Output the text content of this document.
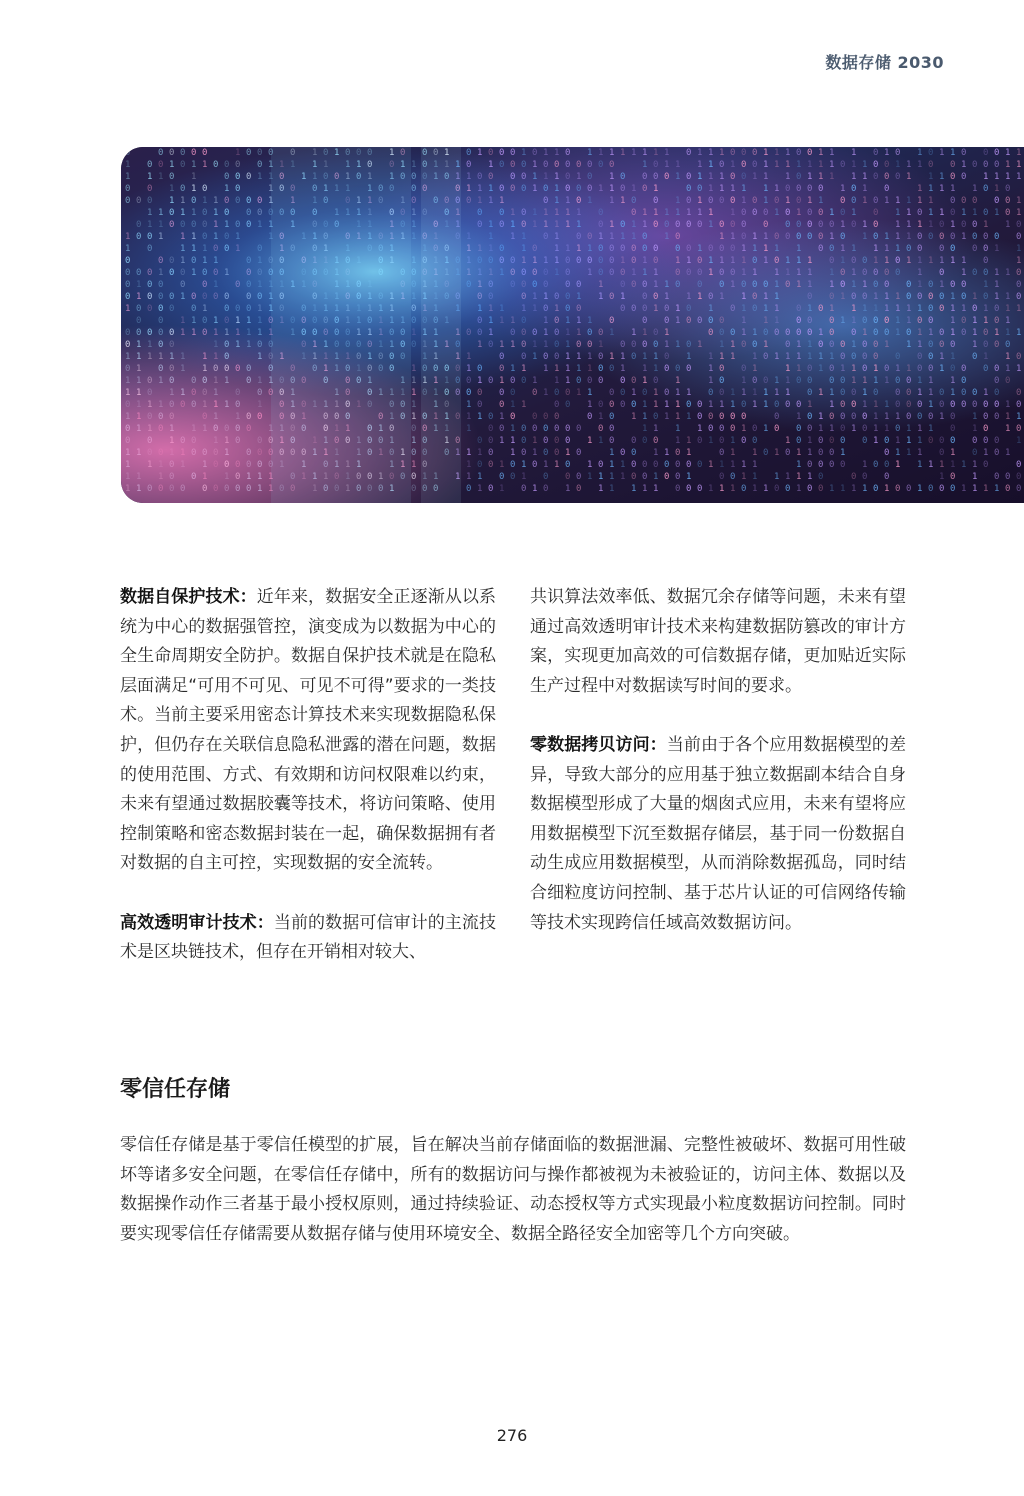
数据存储 2030

数据自保护技术：近年来，数据安全正逐渐从以系统为中心的数据强管控，演变成为以数据为中心的全生命周期安全防护。数据自保护技术就是在隐私层面满足“可用不可见、可见不可得”要求的一类技术。当前主要采用密态计算技术来实现数据隐私保护，但仍存在关联信息隐私泄露的潜在问题，数据的使用范围、方式、有效期和访问权限难以约束，未来有望通过数据胶囊等技术，将访问策略、使用控制策略和密态数据封装在一起，确保数据拥有者对数据的自主可控，实现数据的安全流转。

高效透明审计技术：当前的数据可信审计的主流技术是区块链技术，但存在开销相对较大、

共识算法效率低、数据冗余存储等问题，未来有望通过高效透明审计技术来构建数据防篡改的审计方案，实现更加高效的可信数据存储，更加贴近实际生产过程中对数据读写时间的要求。

零数据拷贝访问：当前由于各个应用数据模型的差异，导致大部分的应用基于独立数据副本结合自身数据模型形成了大量的烟囱式应用，未来有望将应用数据模型下沉至数据存储层，基于同一份数据自动生成应用数据模型，从而消除数据孤岛，同时结合细粒度访问控制、基于芯片认证的可信网络传输等技术实现跨信任域高效数据访问。

零信任存储

零信任存储是基于零信任模型的扩展，旨在解决当前存储面临的数据泄漏、完整性被破坏、数据可用性破坏等诸多安全问题，在零信任存储中，所有的数据访问与操作都被视为未被验证的，访问主体、数据以及数据操作动作三者基于最小授权原则，通过持续验证、动态授权等方式实现最小粒度数据访问控制。同时要实现零信任存储需要从数据存储与使用环境安全、数据全路径安全加密等几个方向突破。

276
